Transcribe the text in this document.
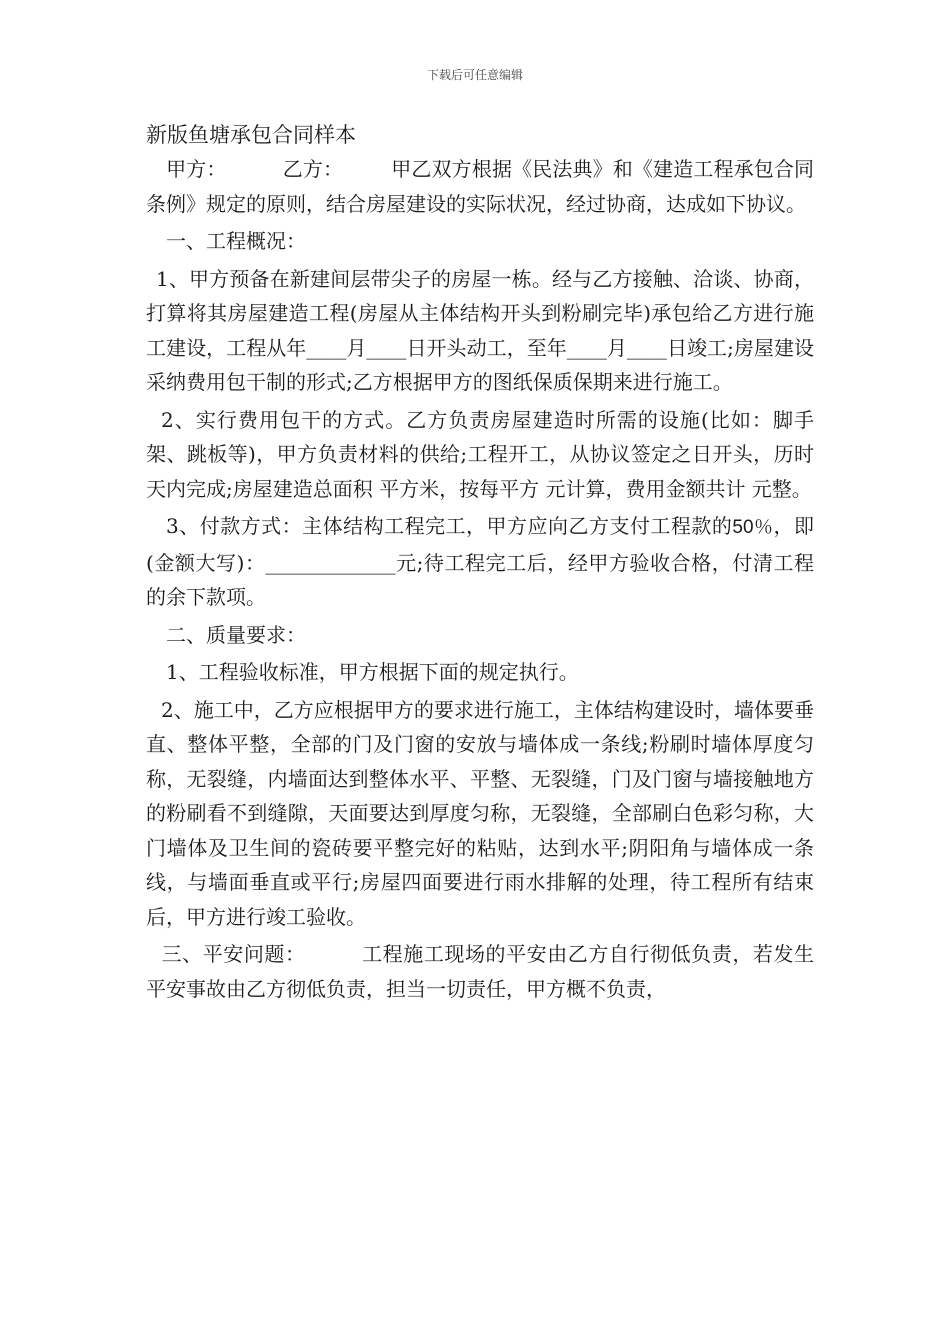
下载后可任意编辑
新版鱼塘承包合同样本

 甲方：	乙方： 甲乙双方根据《民法典》和《建造工程承包合同条例》规定的原则，结合房屋建设的实际状况，经过协商，达成如下协议。

 一、工程概况：

 1、甲方预备在新建间层带尖子的房屋一栋。经与乙方接触、洽谈、协商，打算将其房屋建造工程(房屋从主体结构开头到粉刷完毕)承包给乙方进行施工建设，工程从年____月____日开头动工，至年____月____日竣工;房屋建设采纳费用包干制的形式;乙方根据甲方的图纸保质保期来进行施工。

  2、实行费用包干的方式。乙方负责房屋建造时所需的设施(比如：脚手架、跳板等)，甲方负责材料的供给;工程开工，从协议签定之日开头，历时 天内完成;房屋建造总面积 平方米，按每平方 元计算，费用金额共计 元整。

 3、付款方式：主体结构工程完工，甲方应向乙方支付工程款的50％，即(金额大写)：_____________元;待工程完工后，经甲方验收合格，付清工程的余下款项。

 二、质量要求：

 1、工程验收标准，甲方根据下面的规定执行。

  2、施工中，乙方应根据甲方的要求进行施工，主体结构建设时，墙体要垂直、整体平整，全部的门及门窗的安放与墙体成一条线;粉刷时墙体厚度匀称，无裂缝，内墙面达到整体水平、平整、无裂缝，门及门窗与墙接触地方的粉刷看不到缝隙，天面要达到厚度匀称，无裂缝，全部刷白色彩匀称，大门墙体及卫生间的瓷砖要平整完好的粘贴，达到水平;阴阳角与墙体成一条线，与墙面垂直或平行;房屋四面要进行雨水排解的处理，待工程所有结束后，甲方进行竣工验收。

  三、平安问题：	工程施工现场的平安由乙方自行彻低负责，若发生平安事故由乙方彻低负责，担当一切责任，甲方概不负责，
